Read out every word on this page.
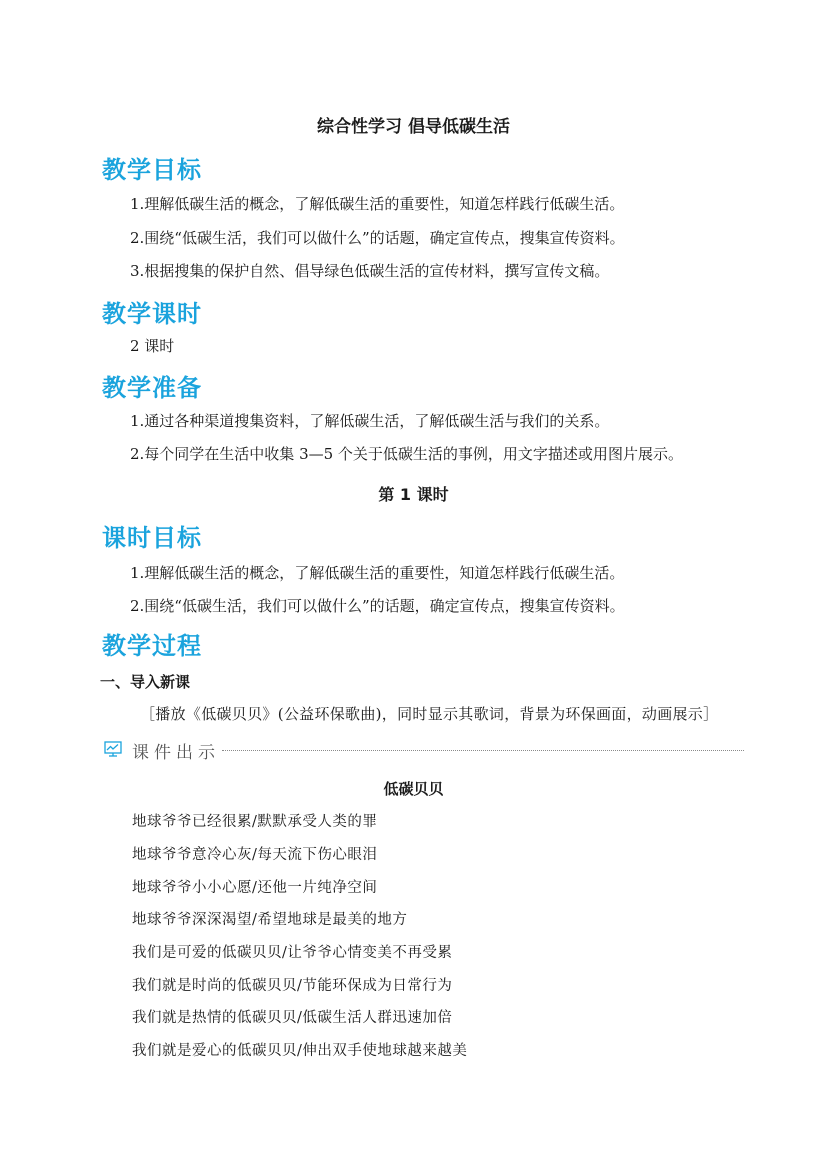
综合性学习 倡导低碳生活
教学目标
1.理解低碳生活的概念，了解低碳生活的重要性，知道怎样践行低碳生活。
2.围绕“低碳生活，我们可以做什么”的话题，确定宣传点，搜集宣传资料。
3.根据搜集的保护自然、倡导绿色低碳生活的宣传材料，撰写宣传文稿。
教学课时
2 课时
教学准备
1.通过各种渠道搜集资料，了解低碳生活，了解低碳生活与我们的关系。
2.每个同学在生活中收集 3—5 个关于低碳生活的事例，用文字描述或用图片展示。
第 1 课时
课时目标
1.理解低碳生活的概念，了解低碳生活的重要性，知道怎样践行低碳生活。
2.围绕“低碳生活，我们可以做什么”的话题，确定宣传点，搜集宣传资料。
教学过程
一、导入新课
［播放《低碳贝贝》(公益环保歌曲)，同时显示其歌词，背景为环保画面，动画展示］
课件出示
低碳贝贝
地球爷爷已经很累/默默承受人类的罪
地球爷爷意冷心灰/每天流下伤心眼泪
地球爷爷小小心愿/还他一片纯净空间
地球爷爷深深渴望/希望地球是最美的地方
我们是可爱的低碳贝贝/让爷爷心情变美不再受累
我们就是时尚的低碳贝贝/节能环保成为日常行为
我们就是热情的低碳贝贝/低碳生活人群迅速加倍
我们就是爱心的低碳贝贝/伸出双手使地球越来越美
